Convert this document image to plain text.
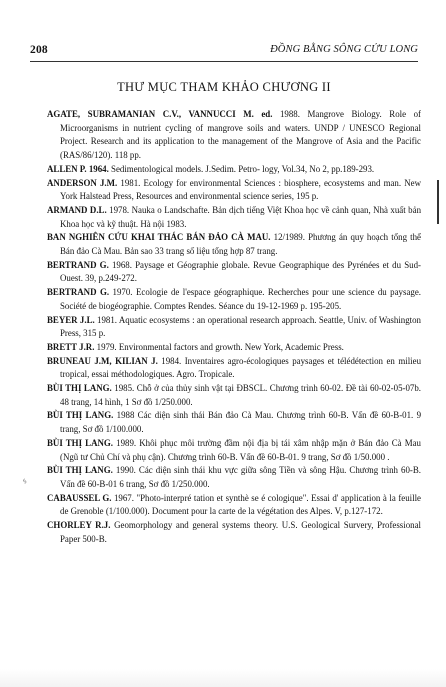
208	ĐỒNG BẰNG SÔNG CỬU LONG
THƯ MỤC THAM KHẢO CHƯƠNG II

AGATE, SUBRAMANIAN C.V., VANNUCCI M. ed. 1988. Mangrove Biology. Role of Microorganisms in nutrient cycling of mangrove soils and waters. UNDP / UNESCO Regional Project. Research and its application to the management of the Mangrove of Asia and the Pacific (RAS/86/120). 118 pp.

ALLEN P. 1964. Sedimentological models. J.Sedim. Petro- logy, Vol.34, No 2, pp.189-293.

ANDERSON J.M. 1981. Ecology for environmental Sciences : biosphere, ecosystems and man. New York Halstead Press, Resources and environmental science series, 195 p.

ARMAND D.L. 1978. Nauka o Landschafte. Bản dịch tiếng Việt Khoa học về cảnh quan, Nhà xuất bản Khoa học và kỹ thuật. Hà nội 1983.

BAN NGHIÊN CỨU KHAI THÁC BÁN ĐẢO CÀ MAU. 12/1989. Phương án quy hoạch tổng thể Bán đảo Cà Mau. Bản sao 33 trang số liệu tổng hợp 87 trang.

BERTRAND G. 1968. Paysage et Géographie globale. Revue Geographique des Pyrénées et du Sud-Ouest. 39, p.249-272.

BERTRAND G. 1970. Ecologie de l'espace géographique. Recherches pour une science du paysage. Société de biogéographie. Comptes Rendes. Séance du 19-12-1969 p. 195-205.

BEYER J.L. 1981. Aquatic ecosystems : an operational research approach. Seattle, Univ. of Washington Press, 315 p.

BRETT J.R. 1979. Environmental factors and growth. New York, Academic Press.

BRUNEAU J.M, KILIAN J. 1984. Inventaires agro-écologiques paysages et télédétection en milieu tropical, essai méthodologiques. Agro. Tropicale.

BÙI THỊ LANG. 1985. Chỗ ở của thủy sinh vật tại ĐBSCL. Chương trình 60-02. Đề tài 60-02-05-07b. 48 trang, 14 hình, 1 Sơ đồ 1/250.000.

BÙI THỊ LANG. 1988 Các diện sinh thái Bán đảo Cà Mau. Chương trình 60-B. Vấn đề 60-B-01. 9 trang, Sơ đồ 1/100.000.

BÙI THỊ LANG. 1989. Khôi phục môi trường đầm nội địa bị tái xâm nhập mặn ở Bán đảo Cà Mau (Ngũ tư Chủ Chí và phụ cận). Chương trình 60-B. Vấn đề 60-B-01. 9 trang, Sơ đồ 1/50.000 .

BÙI THỊ LANG. 1990. Các diện sinh thái khu vực giữa sông Tiền và sông Hậu. Chương trình 60-B. Vấn đề 60-B-01 6 trang, Sơ đồ 1/250.000.

CABAUSSEL G. 1967. "Photo-interpré tation et synthè se é cologique". Essai d' application à la feuille de Grenoble (1/100.000). Document pour la carte de la végétation des Alpes. V, p.127-172.

CHORLEY R.J. Geomorphology and general systems theory. U.S. Geological Survery, Professional Paper 500-B.

ᛃ
